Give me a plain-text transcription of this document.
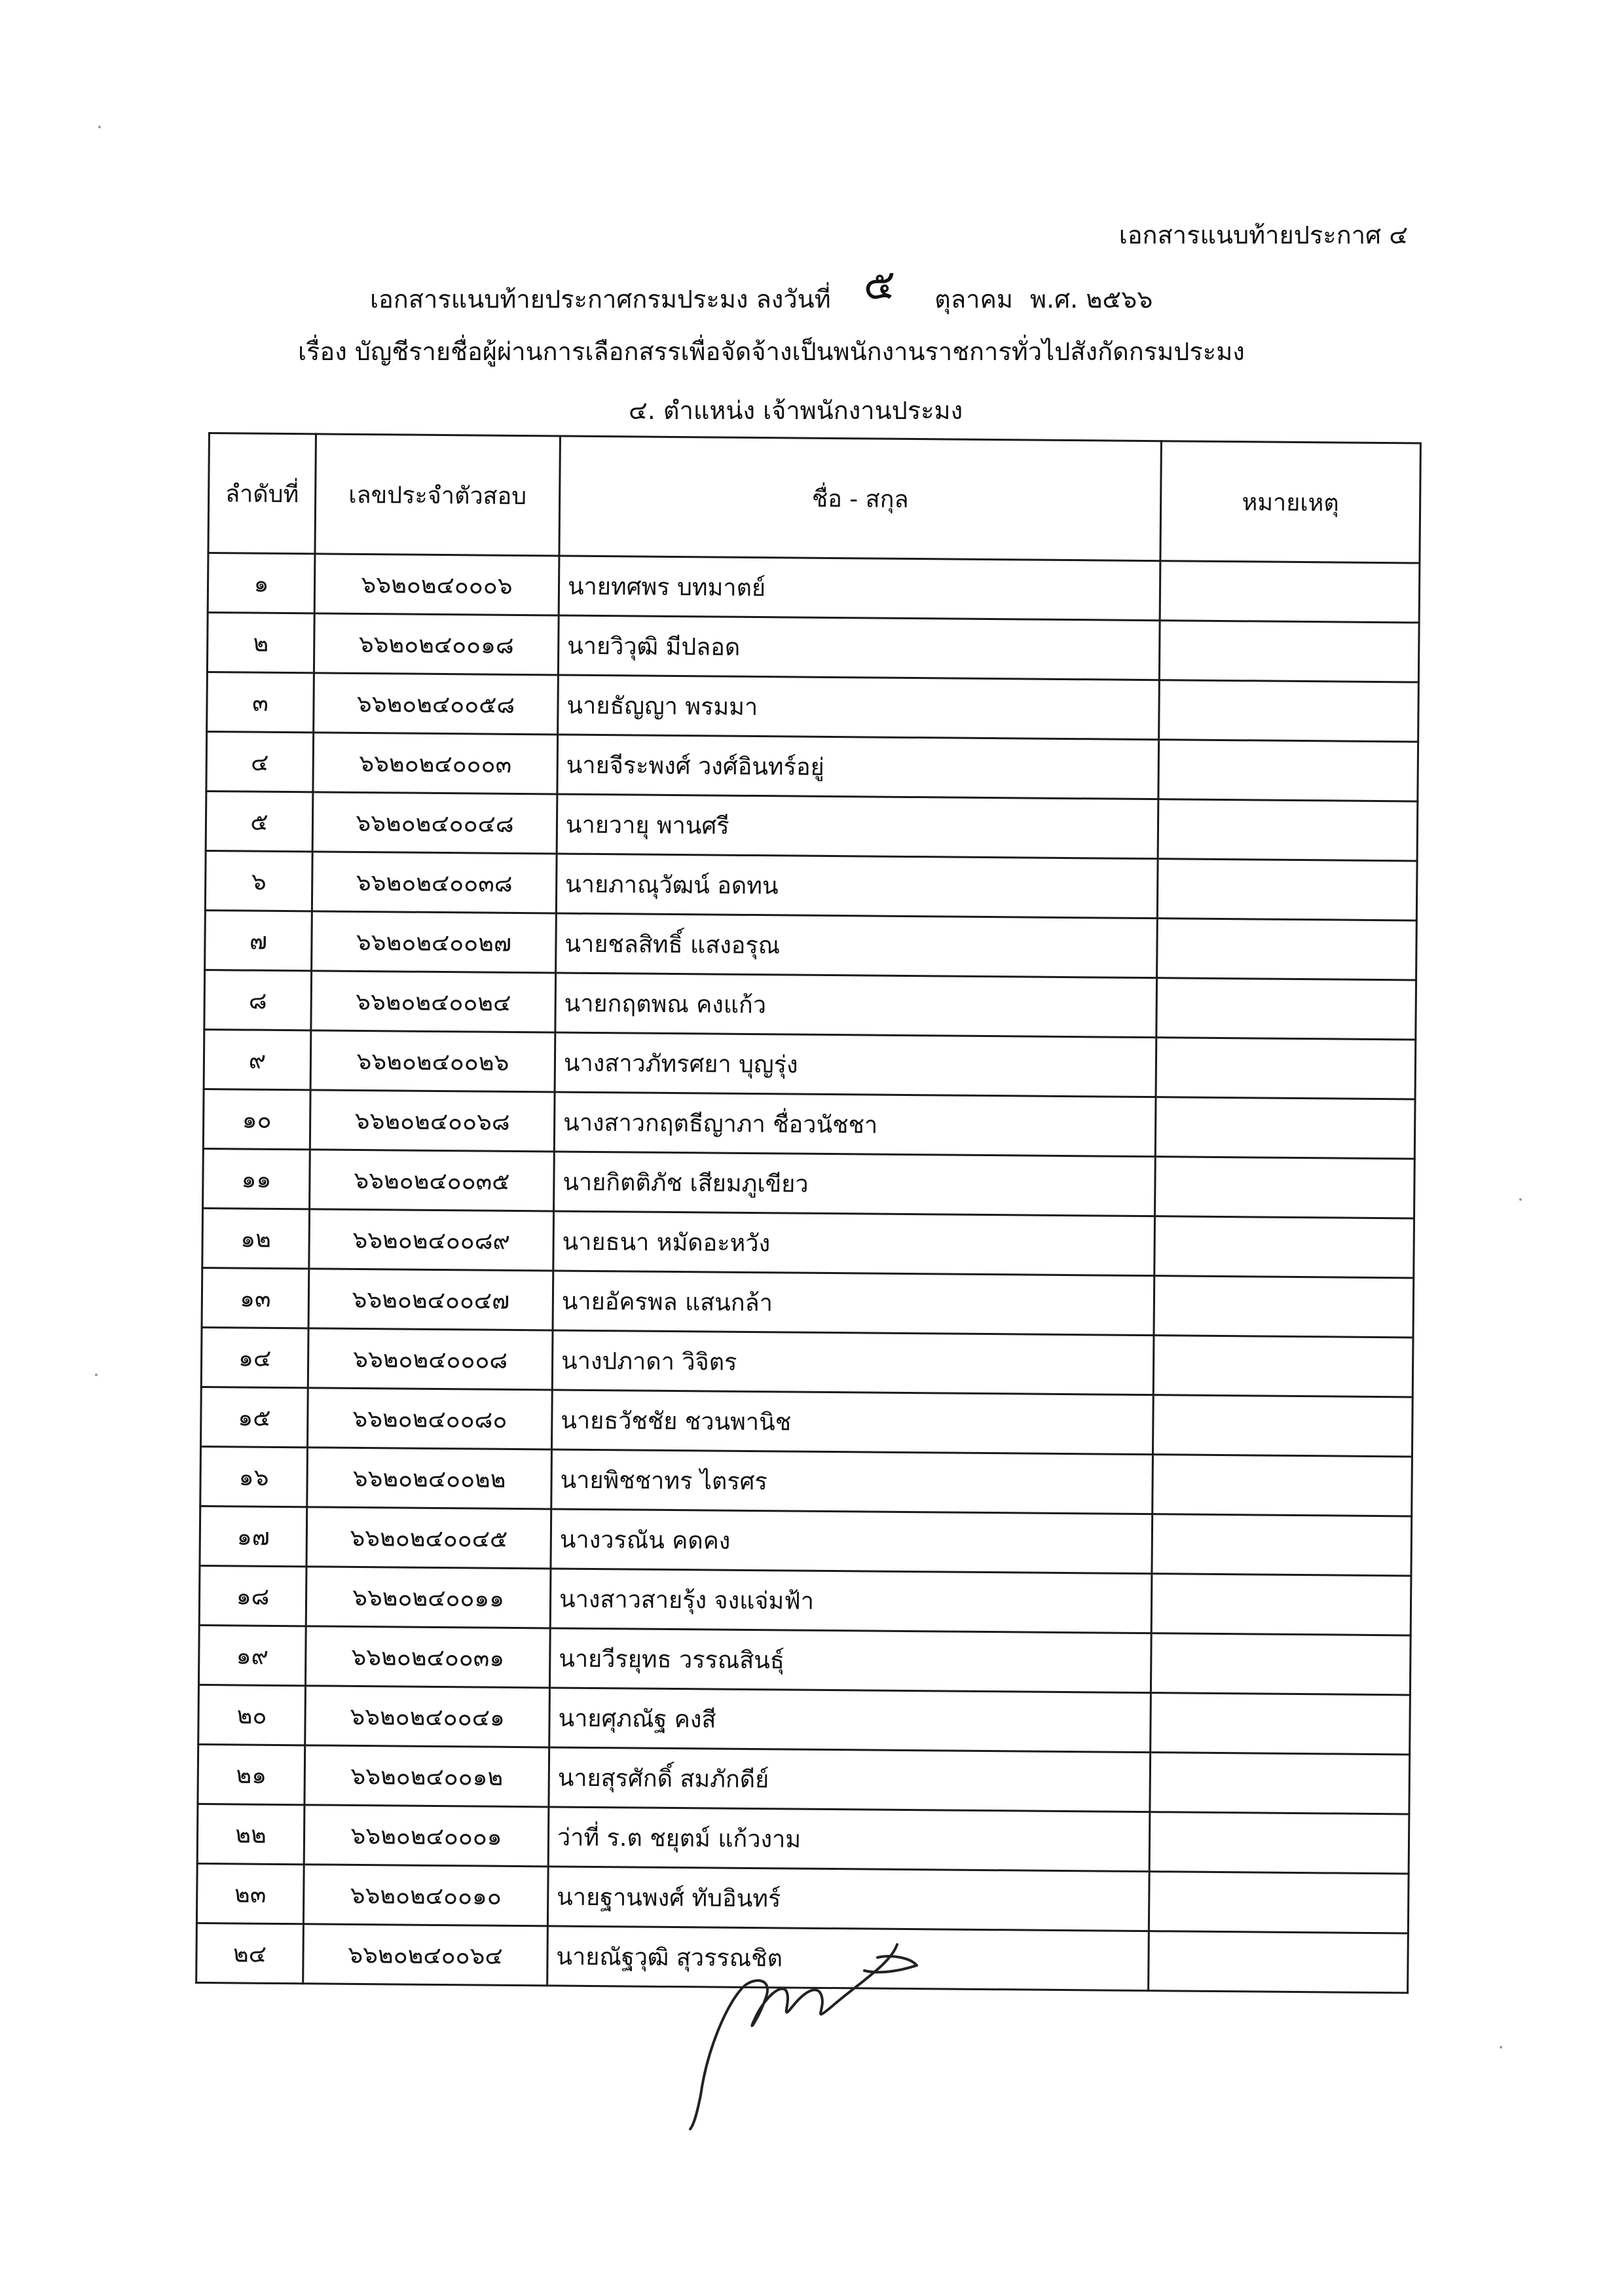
เอกสารแนบท้ายประกาศ ๔
เอกสารแนบท้ายประกาศกรมประมง ลงวันที่ ๕ ตุลาคม พ.ศ. ๒๕๖๖
เรื่อง บัญชีรายชื่อผู้ผ่านการเลือกสรรเพื่อจัดจ้างเป็นพนักงานราชการทั่วไปสังกัดกรมประมง
๔. ตำแหน่ง เจ้าพนักงานประมง
ลำดับที่	เลขประจำตัวสอบ	ชื่อ - สกุล	หมายเหตุ
๑	๖๖๒๐๒๔๐๐๐๖	นายทศพร บทมาตย์	
๒	๖๖๒๐๒๔๐๐๑๘	นายวิวุฒิ มีปลอด	
๓	๖๖๒๐๒๔๐๐๕๘	นายธัญญา พรมมา	
๔	๖๖๒๐๒๔๐๐๐๓	นายจีระพงศ์ วงศ์อินทร์อยู่	
๕	๖๖๒๐๒๔๐๐๔๘	นายวายุ พานศรี	
๖	๖๖๒๐๒๔๐๐๓๘	นายภาณุวัฒน์ อดทน	
๗	๖๖๒๐๒๔๐๐๒๗	นายชลสิทธิ์ แสงอรุณ	
๘	๖๖๒๐๒๔๐๐๒๔	นายกฤตพณ คงแก้ว	
๙	๖๖๒๐๒๔๐๐๒๖	นางสาวภัทรศยา บุญรุ่ง	
๑๐	๖๖๒๐๒๔๐๐๖๘	นางสาวกฤตธีญาภา ชื่อวนัชชา	
๑๑	๖๖๒๐๒๔๐๐๓๕	นายกิตติภัช เสียมภูเขียว	
๑๒	๖๖๒๐๒๔๐๐๘๙	นายธนา หมัดอะหวัง	
๑๓	๖๖๒๐๒๔๐๐๔๗	นายอัครพล แสนกล้า	
๑๔	๖๖๒๐๒๔๐๐๐๘	นางปภาดา วิจิตร	
๑๕	๖๖๒๐๒๔๐๐๘๐	นายธวัชชัย ชวนพานิช	
๑๖	๖๖๒๐๒๔๐๐๒๒	นายพิชชาทร ไตรศร	
๑๗	๖๖๒๐๒๔๐๐๔๕	นางวรณัน คดคง	
๑๘	๖๖๒๐๒๔๐๐๑๑	นางสาวสายรุ้ง จงแจ่มฟ้า	
๑๙	๖๖๒๐๒๔๐๐๓๑	นายวีรยุทธ วรรณสินธุ์	
๒๐	๖๖๒๐๒๔๐๐๔๑	นายศุภณัฐ คงสี	
๒๑	๖๖๒๐๒๔๐๐๑๒	นายสุรศักดิ์ สมภักดีย์	
๒๒	๖๖๒๐๒๔๐๐๐๑	ว่าที่ ร.ต ชยุตม์ แก้วงาม	
๒๓	๖๖๒๐๒๔๐๐๑๐	นายฐานพงศ์ ทับอินทร์	
๒๔	๖๖๒๐๒๔๐๐๖๔	นายณัฐวุฒิ สุวรรณชิต	
